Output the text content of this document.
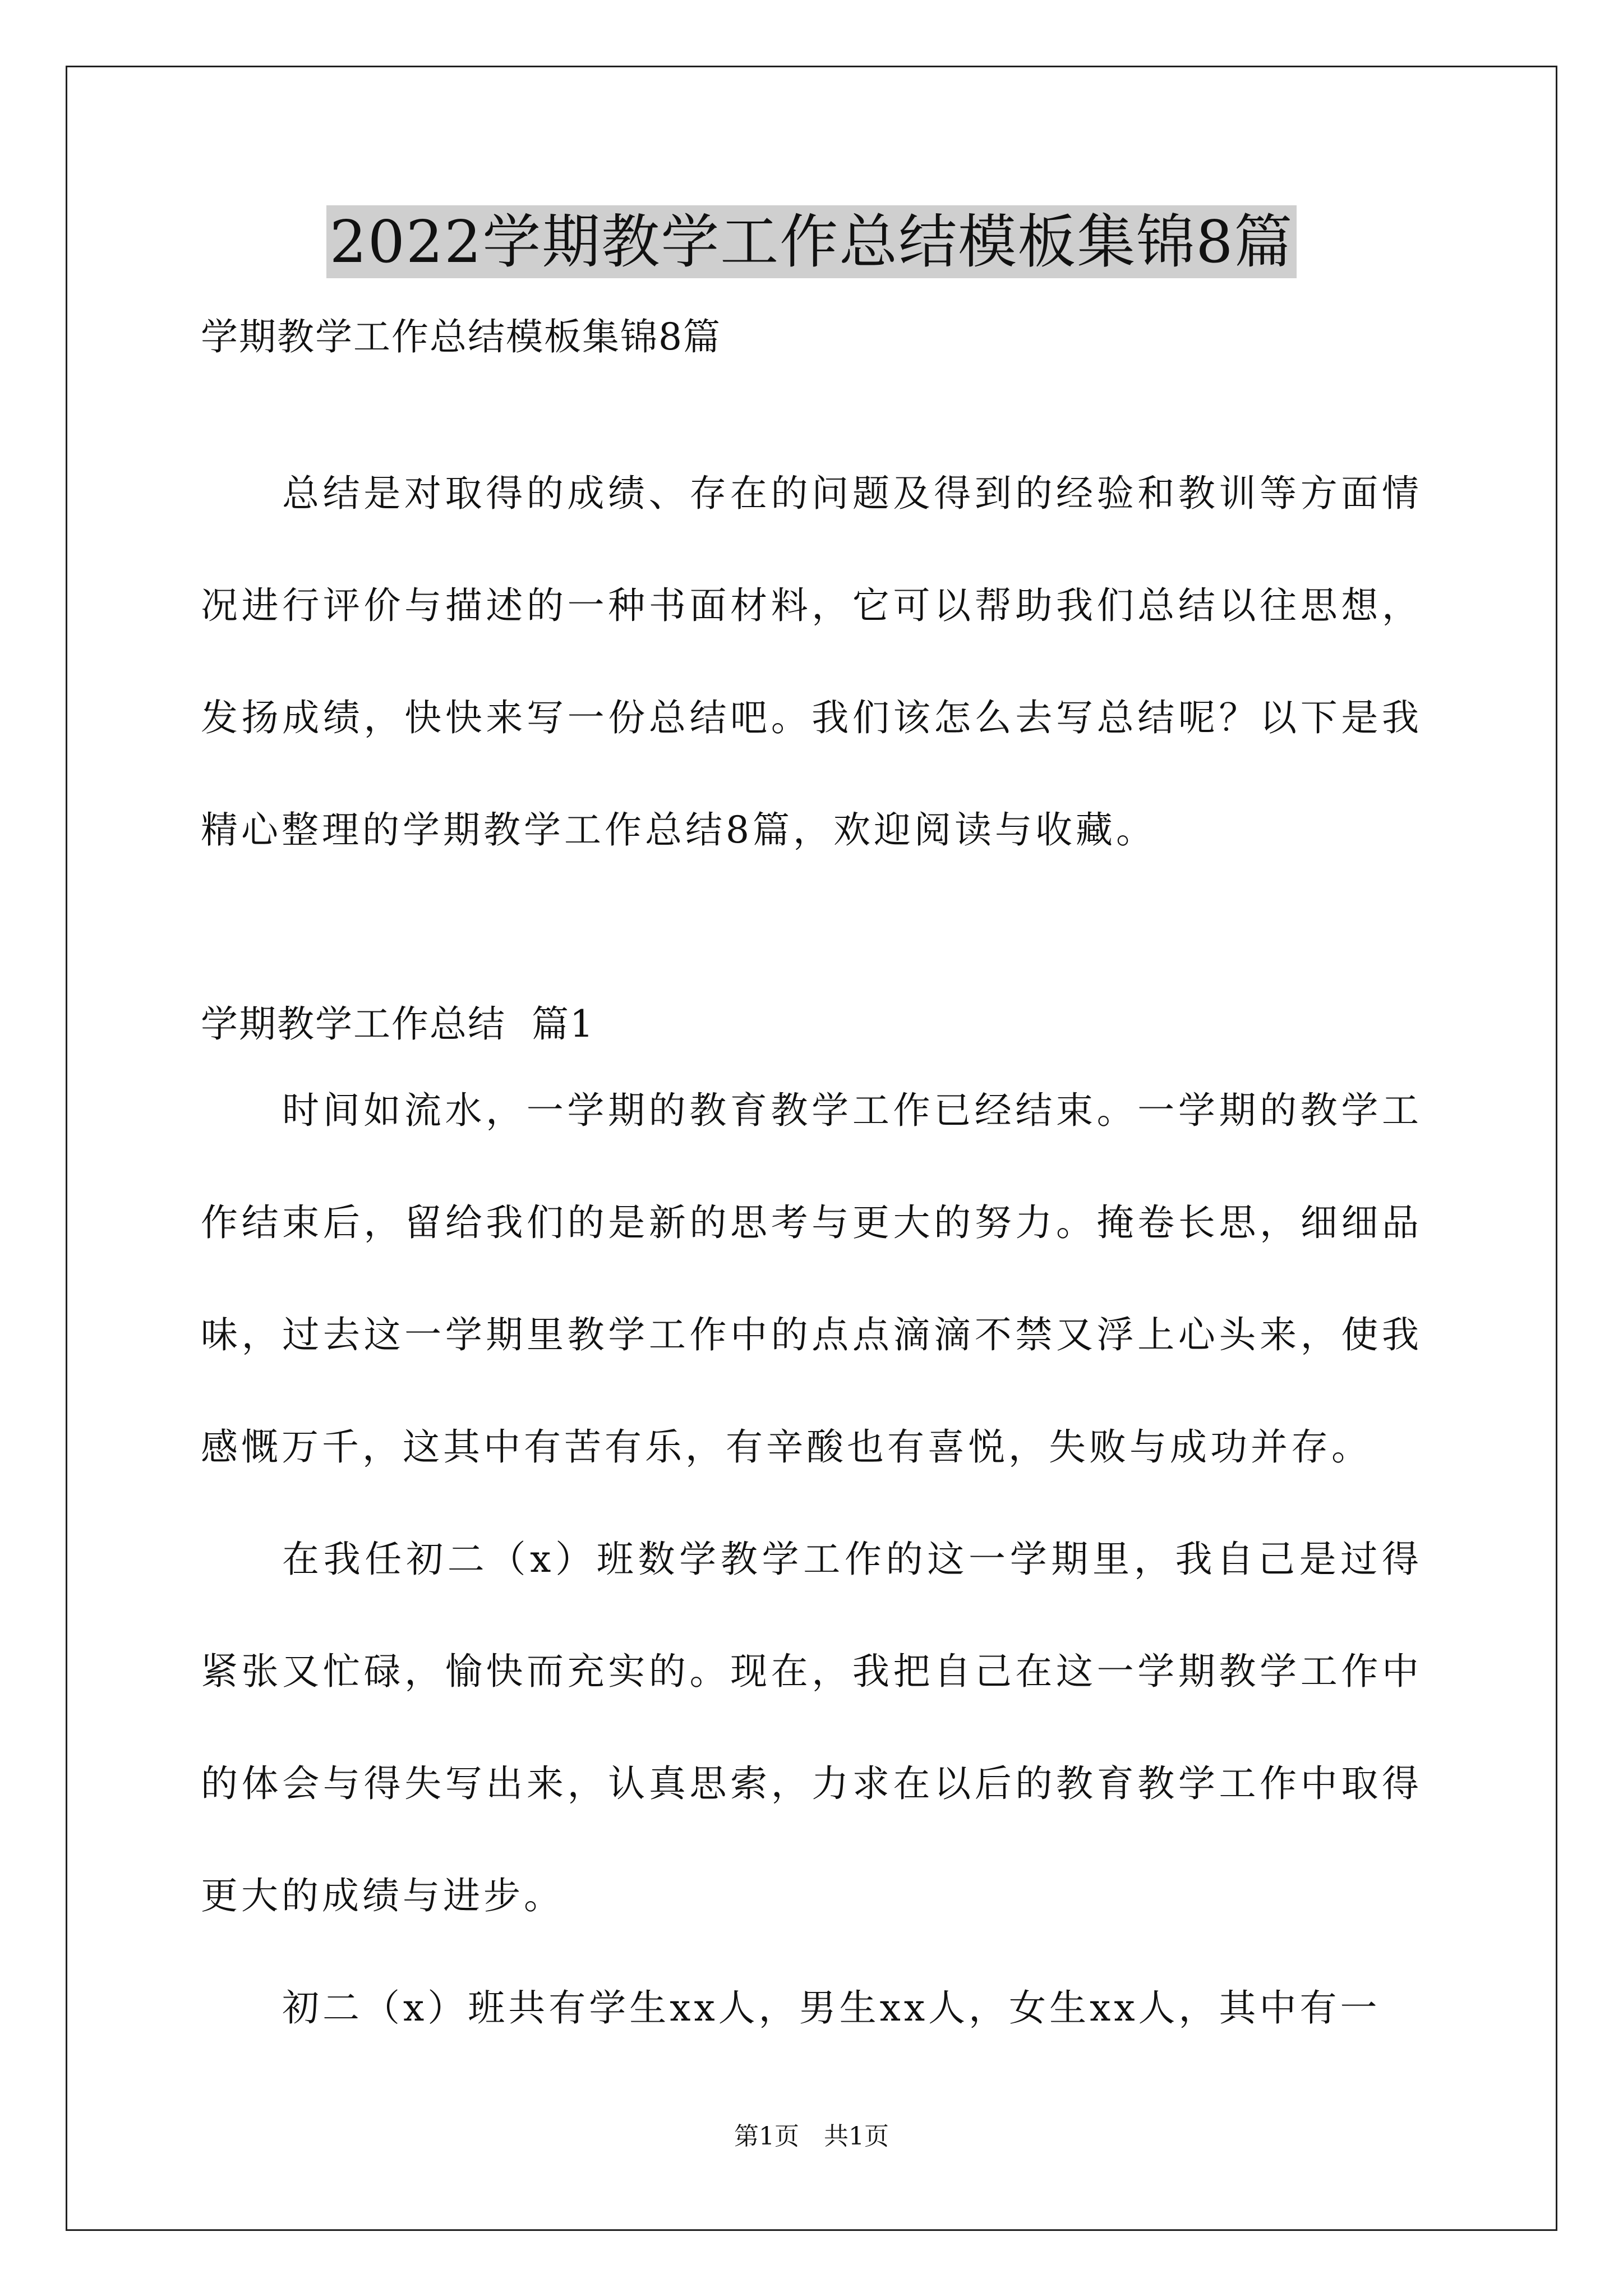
2022学期教学工作总结模板集锦8篇
学期教学工作总结模板集锦8篇
总结是对取得的成绩、存在的问题及得到的经验和教训等方面情况进行评价与描述的一种书面材料，它可以帮助我们总结以往思想，发扬成绩，快快来写一份总结吧。我们该怎么去写总结呢？以下是我精心整理的学期教学工作总结8篇，欢迎阅读与收藏。
学期教学工作总结  篇1
时间如流水，一学期的教育教学工作已经结束。一学期的教学工作结束后，留给我们的是新的思考与更大的努力。掩卷长思，细细品味，过去这一学期里教学工作中的点点滴滴不禁又浮上心头来，使我感慨万千，这其中有苦有乐，有辛酸也有喜悦，失败与成功并存。
在我任初二（x）班数学教学工作的这一学期里，我自己是过得紧张又忙碌，愉快而充实的。现在，我把自己在这一学期教学工作中的体会与得失写出来，认真思索，力求在以后的教育教学工作中取得更大的成绩与进步。
初二（x）班共有学生xx人，男生xx人，女生xx人，其中有一
第1页　共1页
